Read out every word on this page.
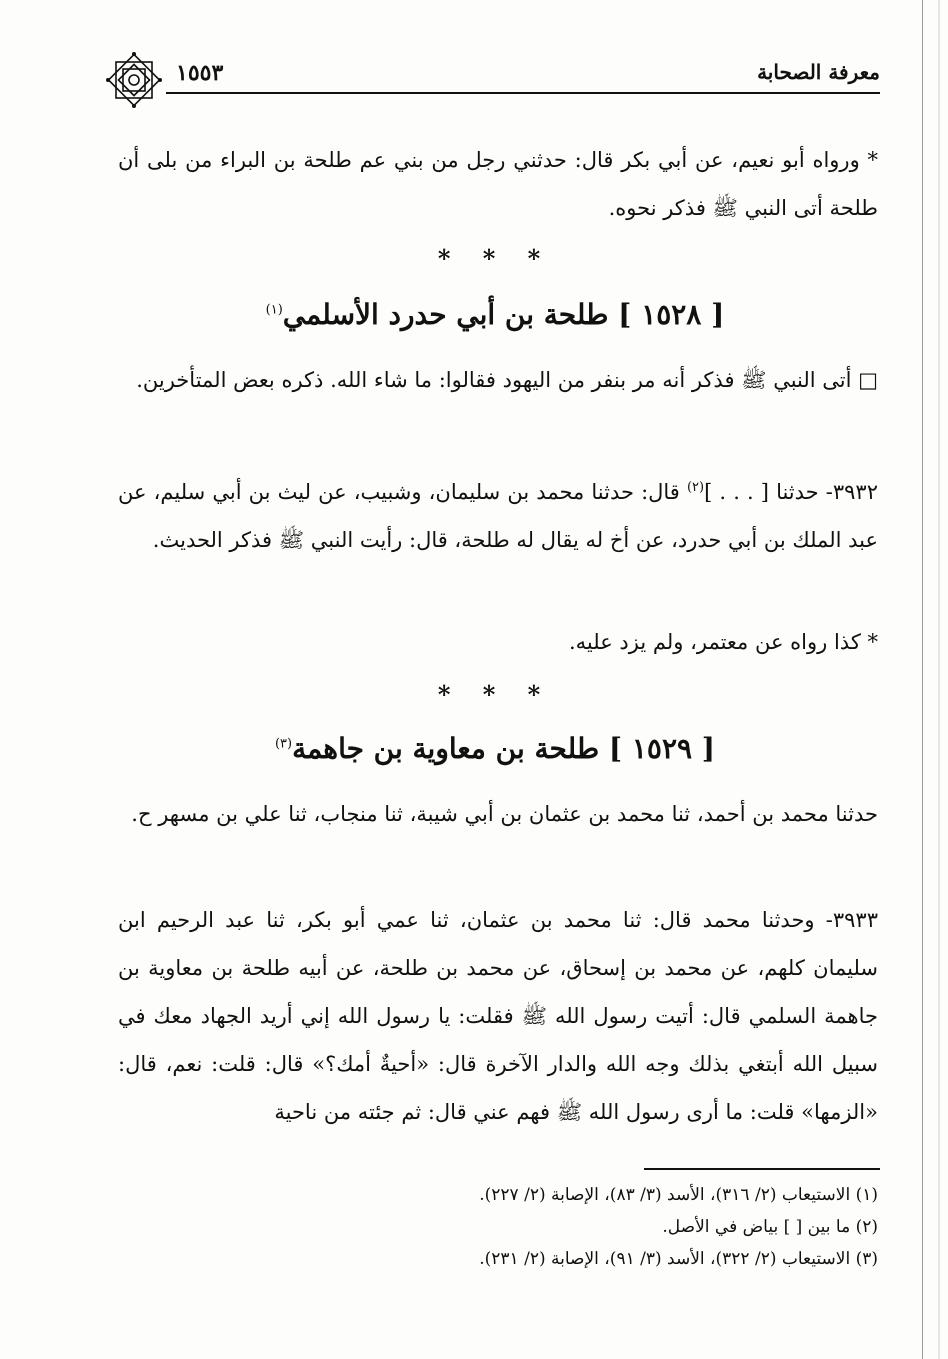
١٥٥٣	معرفة الصحابة
* ورواه أبو نعيم، عن أبي بكر قال: حدثني رجل من بني عم طلحة بن البراء من بلى أن طلحة أتى النبي ﷺ فذكر نحوه.
* * *
[ ١٥٢٨ ] طلحة بن أبي حدرد الأسلمي$^{(١)}$
□ أتى النبي ﷺ فذكر أنه مر بنفر من اليهود فقالوا: ما شاء الله. ذكره بعض المتأخرين.
٣٩٣٢- حدثنا [ . . . ]$^{(٢)}$ قال: حدثنا محمد بن سليمان، وشبيب، عن ليث بن أبي سليم، عن عبد الملك بن أبي حدرد، عن أخ له يقال له طلحة، قال: رأيت النبي ﷺ فذكر الحديث.
* كذا رواه عن معتمر، ولم يزد عليه.
* * *
[ ١٥٢٩ ] طلحة بن معاوية بن جاهمة$^{(٣)}$
حدثنا محمد بن أحمد، ثنا محمد بن عثمان بن أبي شيبة، ثنا منجاب، ثنا علي بن مسهر ح.
٣٩٣٣- وحدثنا محمد قال: ثنا محمد بن عثمان، ثنا عمي أبو بكر، ثنا عبد الرحيم ابن سليمان كلهم، عن محمد بن إسحاق، عن محمد بن طلحة، عن أبيه طلحة بن معاوية بن جاهمة السلمي قال: أتيت رسول الله ﷺ فقلت: يا رسول الله إني أريد الجهاد معك في سبيل الله أبتغي بذلك وجه الله والدار الآخرة قال: «أحيةٌ أمك؟» قال: قلت: نعم، قال: «الزمها» قلت: ما أرى رسول الله ﷺ فهم عني قال: ثم جئته من ناحية
(١) الاستيعاب (٢/ ٣١٦)، الأسد (٣/ ٨٣)، الإصابة (٢/ ٢٢٧).
(٢) ما بين [ ] بياض في الأصل.
(٣) الاستيعاب (٢/ ٣٢٢)، الأسد (٣/ ٩١)، الإصابة (٢/ ٢٣١).
